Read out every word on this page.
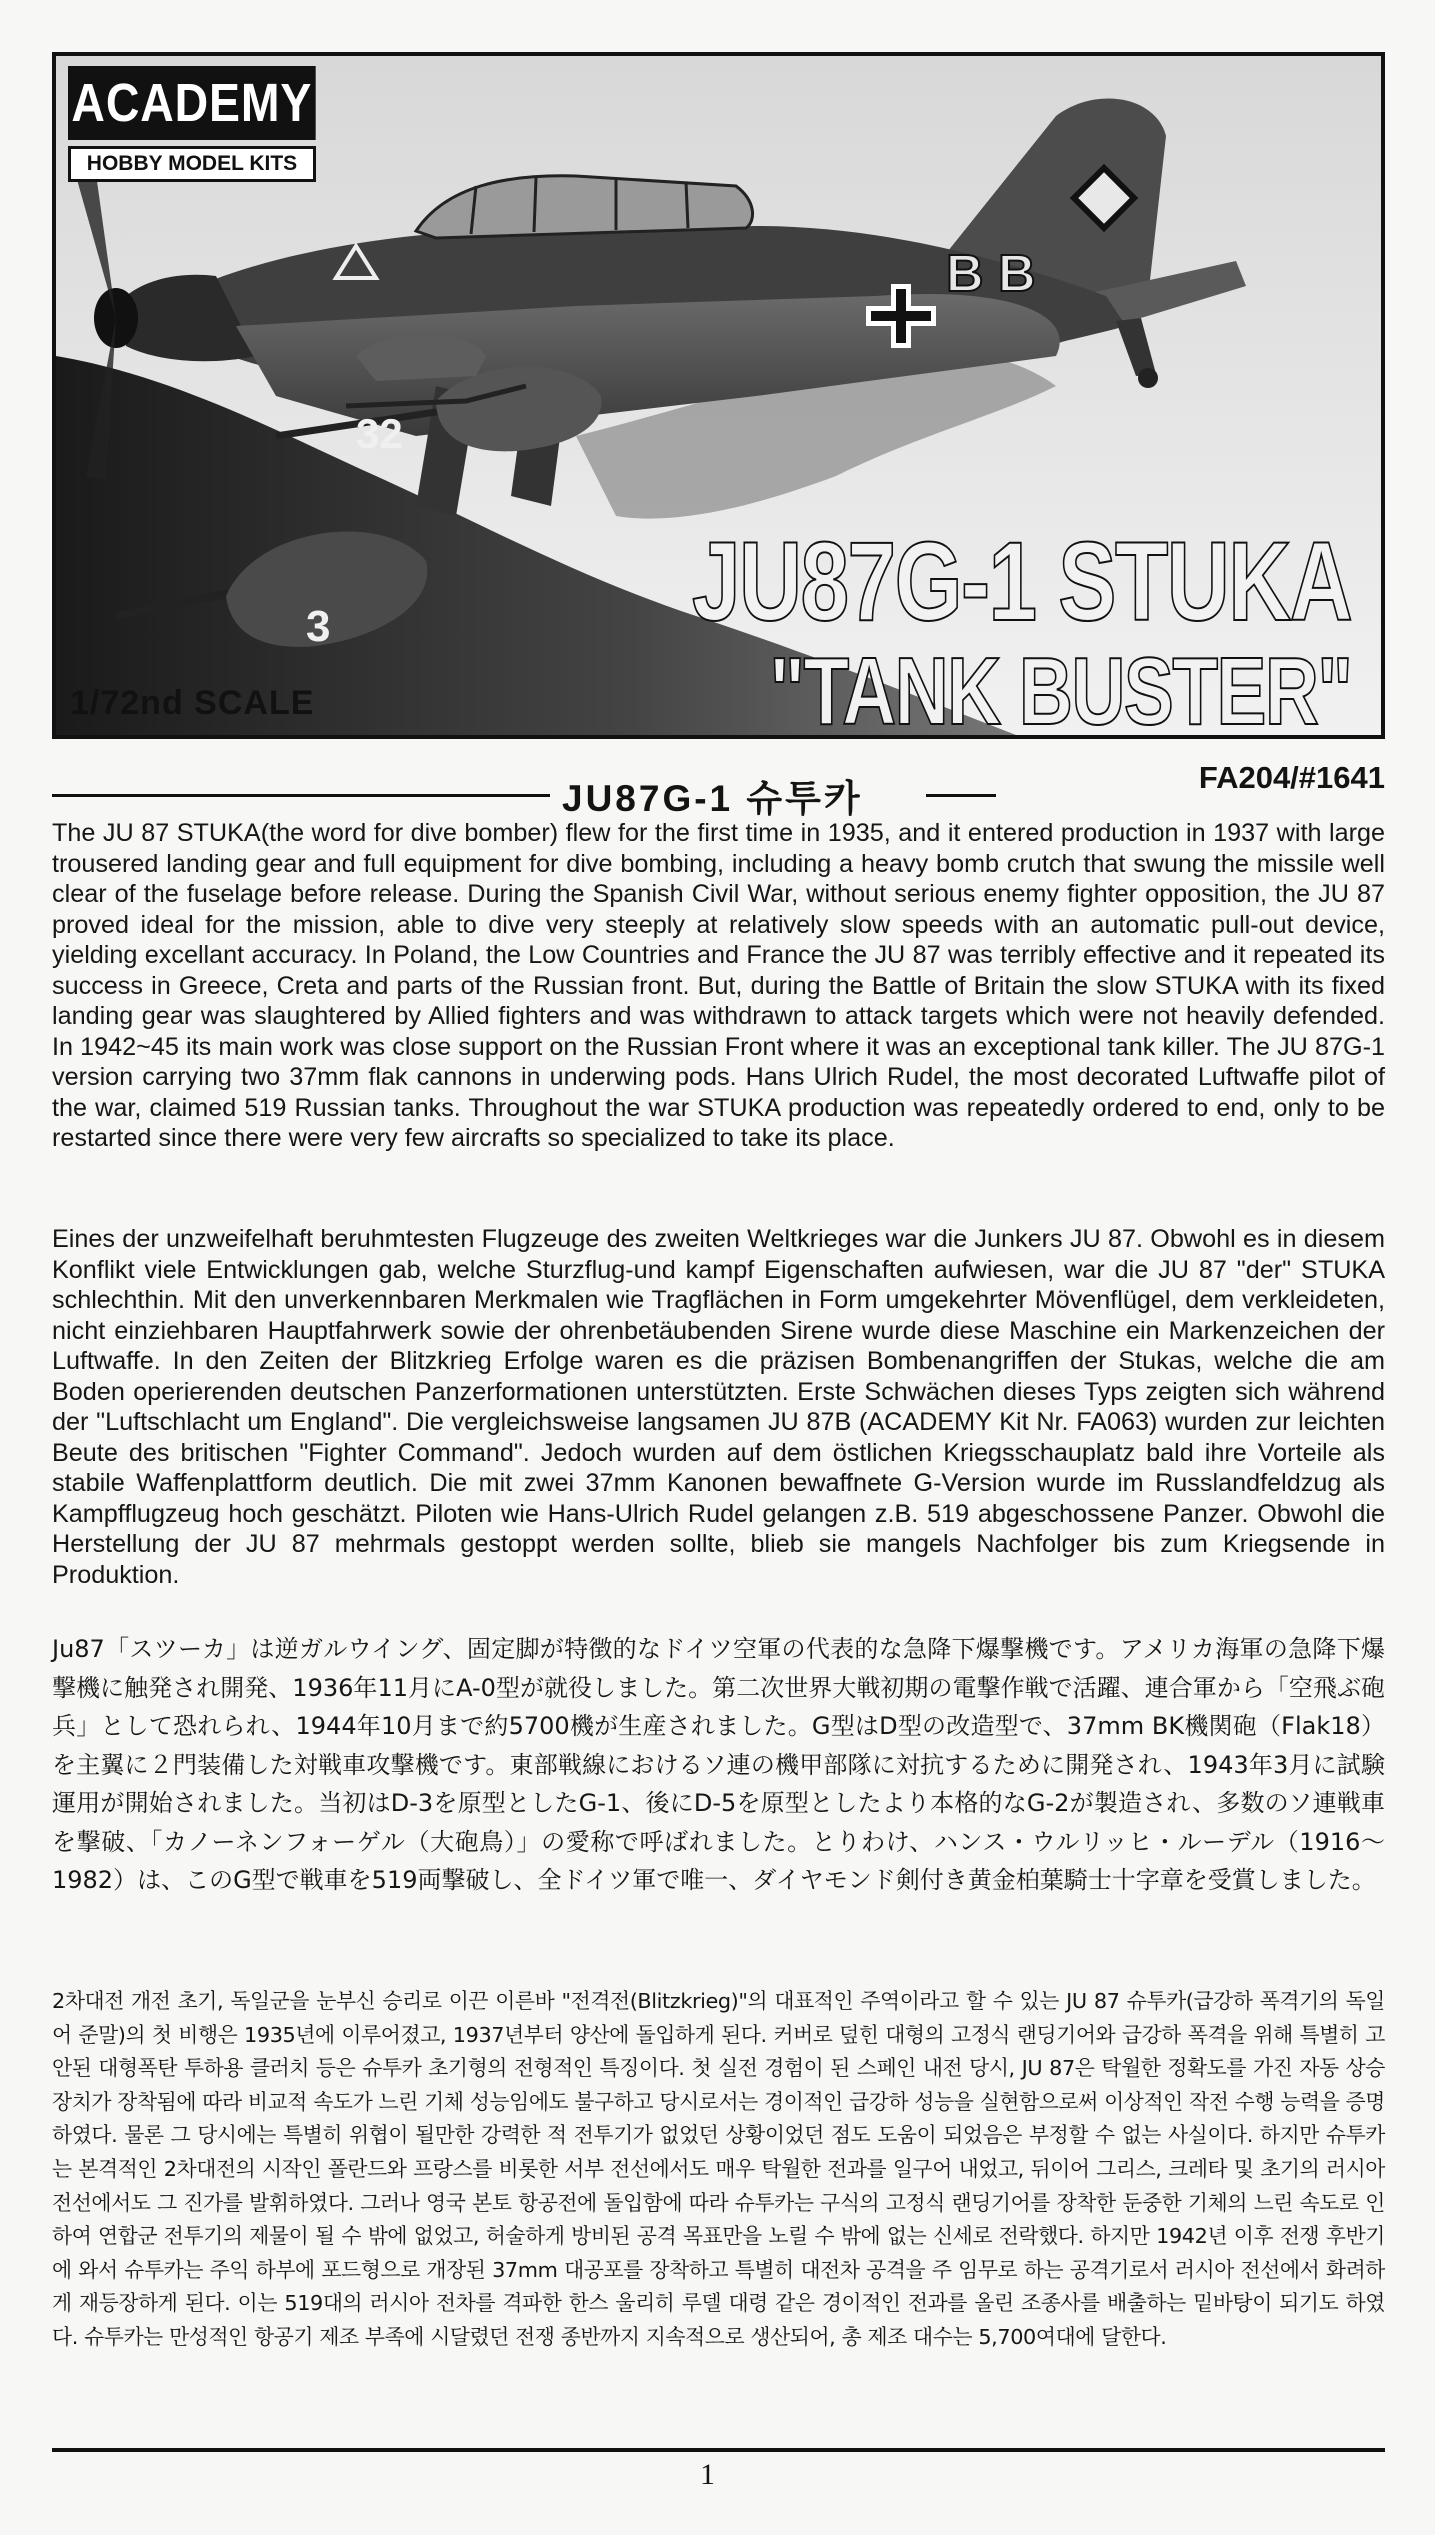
B B
3
32
ACADEMY
HOBBY MODEL KITS
JU87G-1 STUKA
"TANK BUSTER"
1/72nd SCALE
JU87G-1 슈투카
FA204/#1641

The JU 87 STUKA(the word for dive bomber) flew for the first time in 1935, and it entered production in 1937 with large trousered landing gear and full equipment for dive bombing, including a heavy bomb crutch that swung the missile well clear of the fuselage before release. During the Spanish Civil War, without serious enemy fighter opposition, the JU 87 proved ideal for the mission, able to dive very steeply at relatively slow speeds with an automatic pull-out device, yielding excellant accuracy. In Poland, the Low Countries and France the JU 87 was terribly effective and it repeated its success in Greece, Creta and parts of the Russian front. But, during the Battle of Britain the slow STUKA with its fixed landing gear was slaughtered by Allied fighters and was withdrawn to attack targets which were not heavily defended. In 1942~45 its main work was close support on the Russian Front where it was an exceptional tank killer. The JU 87G-1 version carrying two 37mm flak cannons in underwing pods. Hans Ulrich Rudel, the most decorated Luftwaffe pilot of the war, claimed 519 Russian tanks. Throughout the war STUKA production was repeatedly ordered to end, only to be restarted since there were very few aircrafts so specialized to take its place.

Eines der unzweifelhaft beruhmtesten Flugzeuge des zweiten Weltkrieges war die Junkers JU 87. Obwohl es in diesem Konflikt viele Entwicklungen gab, welche Sturzflug-und kampf Eigenschaften aufwiesen, war die JU 87 "der" STUKA schlechthin. Mit den unverkennbaren Merkmalen wie Tragflächen in Form umgekehrter Mövenflügel, dem verkleideten, nicht einziehbaren Hauptfahrwerk sowie der ohrenbetäubenden Sirene wurde diese Maschine ein Markenzeichen der Luftwaffe. In den Zeiten der Blitzkrieg Erfolge waren es die präzisen Bombenangriffen der Stukas, welche die am Boden operierenden deutschen Panzerformationen unterstützten. Erste Schwächen dieses Typs zeigten sich während der "Luftschlacht um England". Die vergleichsweise langsamen JU 87B (ACADEMY Kit Nr. FA063) wurden zur leichten Beute des britischen "Fighter Command". Jedoch wurden auf dem östlichen Kriegsschauplatz bald ihre Vorteile als stabile Waffenplattform deutlich. Die mit zwei 37mm Kanonen bewaffnete G-Version wurde im Russlandfeldzug als Kampfflugzeug hoch geschätzt. Piloten wie Hans-Ulrich Rudel gelangen z.B. 519 abgeschossene Panzer. Obwohl die Herstellung der JU 87 mehrmals gestoppt werden sollte, blieb sie mangels Nachfolger bis zum Kriegsende in Produktion.

Ju87「スツーカ」は逆ガルウイング、固定脚が特徴的なドイツ空軍の代表的な急降下爆撃機です。アメリカ海軍の急降下爆撃機に触発され開発、1936年11月にA-0型が就役しました。第二次世界大戦初期の電撃作戦で活躍、連合軍から「空飛ぶ砲兵」として恐れられ、1944年10月まで約5700機が生産されました。G型はD型の改造型で、37mm BK機関砲（Flak18）を主翼に２門装備した対戦車攻撃機です。東部戦線におけるソ連の機甲部隊に対抗するために開発され、1943年3月に試験運用が開始されました。当初はD-3を原型としたG-1、後にD-5を原型としたより本格的なG-2が製造され、多数のソ連戦車を撃破、「カノーネンフォーゲル（大砲鳥）」の愛称で呼ばれました。とりわけ、ハンス・ウルリッヒ・ルーデル（1916～1982）は、このG型で戦車を519両撃破し、全ドイツ軍で唯一、ダイヤモンド剣付き黄金柏葉騎士十字章を受賞しました。

2차대전 개전 초기, 독일군을 눈부신 승리로 이끈 이른바 "전격전(Blitzkrieg)"의 대표적인 주역이라고 할 수 있는 JU 87 슈투카(급강하 폭격기의 독일어 준말)의 첫 비행은 1935년에 이루어졌고, 1937년부터 양산에 돌입하게 된다. 커버로 덮힌 대형의 고정식 랜딩기어와 급강하 폭격을 위해 특별히 고안된 대형폭탄 투하용 클러치 등은 슈투카 초기형의 전형적인 특징이다. 첫 실전 경험이 된 스페인 내전 당시, JU 87은 탁월한 정확도를 가진 자동 상승장치가 장착됨에 따라 비교적 속도가 느린 기체 성능임에도 불구하고 당시로서는 경이적인 급강하 성능을 실현함으로써 이상적인 작전 수행 능력을 증명하였다. 물론 그 당시에는 특별히 위협이 될만한 강력한 적 전투기가 없었던 상황이었던 점도 도움이 되었음은 부정할 수 없는 사실이다. 하지만 슈투카는 본격적인 2차대전의 시작인 폴란드와 프랑스를 비롯한 서부 전선에서도 매우 탁월한 전과를 일구어 내었고, 뒤이어 그리스, 크레타 및 초기의 러시아 전선에서도 그 진가를 발휘하였다. 그러나 영국 본토 항공전에 돌입함에 따라 슈투카는 구식의 고정식 랜딩기어를 장착한 둔중한 기체의 느린 속도로 인하여 연합군 전투기의 제물이 될 수 밖에 없었고, 허술하게 방비된 공격 목표만을 노릴 수 밖에 없는 신세로 전락했다. 하지만 1942년 이후 전쟁 후반기에 와서 슈투카는 주익 하부에 포드형으로 개장된 37mm 대공포를 장착하고 특별히 대전차 공격을 주 임무로 하는 공격기로서 러시아 전선에서 화려하게 재등장하게 된다. 이는 519대의 러시아 전차를 격파한 한스 울리히 루델 대령 같은 경이적인 전과를 올린 조종사를 배출하는 밑바탕이 되기도 하였다. 슈투카는 만성적인 항공기 제조 부족에 시달렸던 전쟁 종반까지 지속적으로 생산되어, 총 제조 대수는 5,700여대에 달한다.

1
